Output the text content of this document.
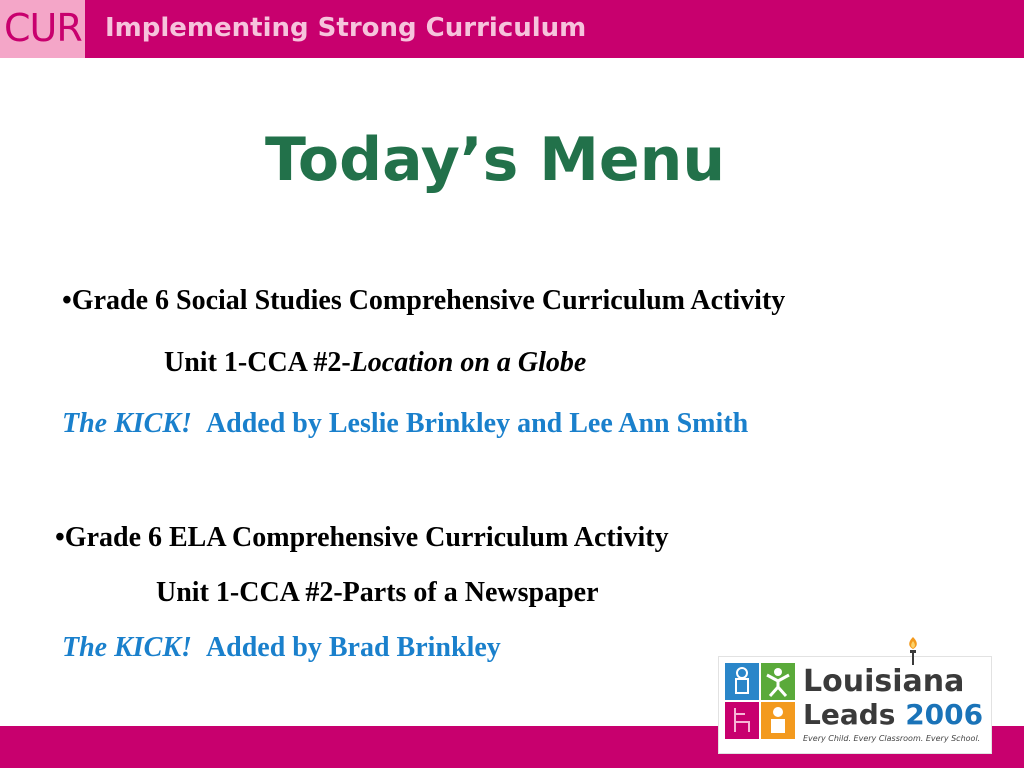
CUR Implementing Strong Curriculum
Today’s Menu
•Grade 6 Social Studies Comprehensive Curriculum Activity
Unit 1-CCA #2-Location on a Globe
The KICK! Added by Leslie Brinkley and Lee Ann Smith
•Grade 6 ELA Comprehensive Curriculum Activity
Unit 1-CCA #2-Parts of a Newspaper
The KICK! Added by Brad Brinkley
Louisiana
Leads 2006
Every Child. Every Classroom. Every School.
